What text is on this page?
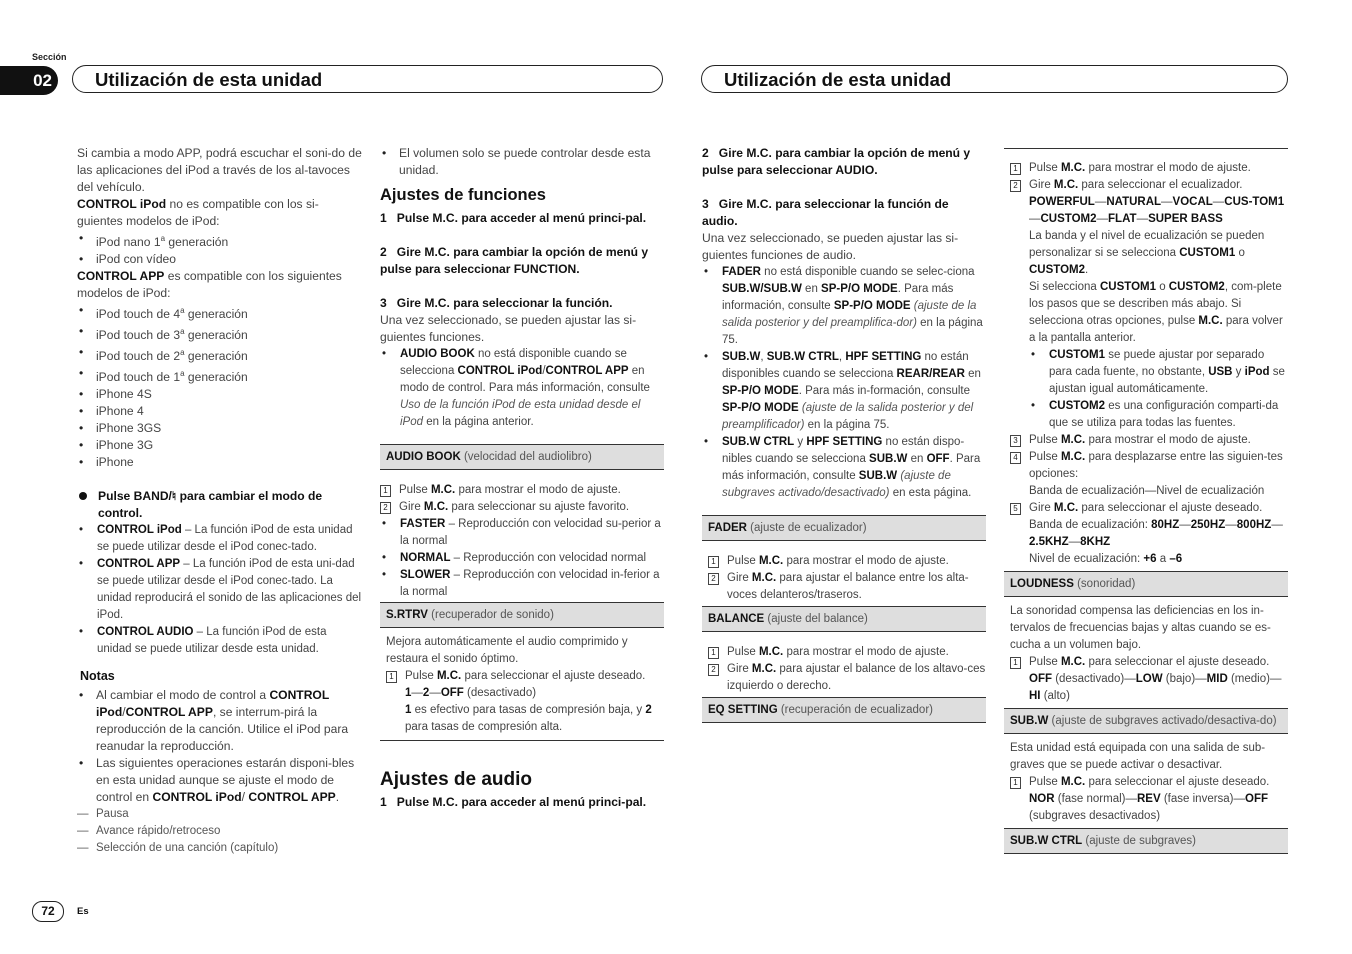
Sección
02	Utilización de esta unidad	Utilización de esta unidad

Si cambia a modo APP, podrá escuchar el soni-do de las aplicaciones del iPod a través de los al-tavoces del vehículo.

CONTROL iPod no es compatible con los si-guientes modelos de iPod:

• iPod nano 1$^a$ generación
• iPod con vídeo

CONTROL APP es compatible con los siguientes modelos de iPod:

• iPod touch de 4$^a$ generación
• iPod touch de 3$^a$ generación
• iPod touch de 2$^a$ generación
• iPod touch de 1$^a$ generación
• iPhone 4S
• iPhone 4
• iPhone 3GS
• iPhone 3G
• iPhone
Pulse BAND/♮ para cambiar el modo de control.
• CONTROL iPod – La función iPod de esta unidad se puede utilizar desde el iPod conec-tado.
• CONTROL APP – La función iPod de esta uni-dad se puede utilizar desde el iPod conec-tado. La unidad reproducirá el sonido de las aplicaciones del iPod.
• CONTROL AUDIO – La función iPod de esta unidad se puede utilizar desde esta unidad.
Notas
• Al cambiar el modo de control a CONTROL iPod/CONTROL APP, se interrum-pirá la reproducción de la canción. Utilice el iPod para reanudar la reproducción.
• Las siguientes operaciones estarán disponi-bles en esta unidad aunque se ajuste el modo de control en CONTROL iPod/ CONTROL APP.
— Pausa
— Avance rápido/retroceso
— Selección de una canción (capítulo)
• El volumen solo se puede controlar desde esta unidad.

Ajustes de funciones

1   Pulse M.C. para acceder al menú princi-pal.

2   Gire M.C. para cambiar la opción de menú y pulse para seleccionar FUNCTION.

3   Gire M.C. para seleccionar la función.

Una vez seleccionado, se pueden ajustar las si-guientes funciones.

• AUDIO BOOK no está disponible cuando se selecciona CONTROL iPod/CONTROL APP en modo de control. Para más información, consulte Uso de la función iPod de esta unidad desde el iPod en la página anterior.
AUDIO BOOK (velocidad del audiolibro)
1 Pulse M.C. para mostrar el modo de ajuste.
2 Gire M.C. para seleccionar su ajuste favorito.
• FASTER – Reproducción con velocidad su-perior a la normal
• NORMAL – Reproducción con velocidad normal
• SLOWER – Reproducción con velocidad in-ferior a la normal
S.RTRV (recuperador de sonido)
Mejora automáticamente el audio comprimido y restaura el sonido óptimo.
1 Pulse M.C. para seleccionar el ajuste deseado.
1—2—OFF (desactivado)
1 es efectivo para tasas de compresión baja, y 2 para tasas de compresión alta.

Ajustes de audio

1   Pulse M.C. para acceder al menú princi-pal.

2   Gire M.C. para cambiar la opción de menú y pulse para seleccionar AUDIO.

3   Gire M.C. para seleccionar la función de audio.

Una vez seleccionado, se pueden ajustar las si-guientes funciones de audio.

• FADER no está disponible cuando se selec-ciona SUB.W/SUB.W en SP-P/O MODE. Para más información, consulte SP-P/O MODE (ajuste de la salida posterior y del preamplifica-dor) en la página 75.
• SUB.W, SUB.W CTRL, HPF SETTING no están disponibles cuando se selecciona REAR/REAR en SP-P/O MODE. Para más in-formación, consulte SP-P/O MODE (ajuste de la salida posterior y del preamplificador) en la página 75.
• SUB.W CTRL y HPF SETTING no están dispo-nibles cuando se selecciona SUB.W en OFF. Para más información, consulte SUB.W (ajuste de subgraves activado/desactivado) en esta página.
FADER (ajuste de ecualizador)
1 Pulse M.C. para mostrar el modo de ajuste.
2 Gire M.C. para ajustar el balance entre los alta-voces delanteros/traseros.
BALANCE (ajuste del balance)
1 Pulse M.C. para mostrar el modo de ajuste.
2 Gire M.C. para ajustar el balance de los altavo-ces izquierdo o derecho.
EQ SETTING (recuperación de ecualizador)
1 Pulse M.C. para mostrar el modo de ajuste.
2 Gire M.C. para seleccionar el ecualizador.
POWERFUL—NATURAL—VOCAL—CUS-TOM1—CUSTOM2—FLAT—SUPER BASS
La banda y el nivel de ecualización se pueden personalizar si se selecciona CUSTOM1 o CUSTOM2.
Si selecciona CUSTOM1 o CUSTOM2, com-plete los pasos que se describen más abajo. Si selecciona otras opciones, pulse M.C. para volver a la pantalla anterior.
• CUSTOM1 se puede ajustar por separado para cada fuente, no obstante, USB y iPod se ajustan igual automáticamente.
• CUSTOM2 es una configuración comparti-da que se utiliza para todas las fuentes.
3 Pulse M.C. para mostrar el modo de ajuste.
4 Pulse M.C. para desplazarse entre las siguien-tes opciones:
Banda de ecualización—Nivel de ecualización
5 Gire M.C. para seleccionar el ajuste deseado.
Banda de ecualización: 80HZ—250HZ—800HZ—2.5KHZ—8KHZ
Nivel de ecualización: +6 a –6
LOUDNESS (sonoridad)
La sonoridad compensa las deficiencias en los in-tervalos de frecuencias bajas y altas cuando se es-cucha a un volumen bajo.
1 Pulse M.C. para seleccionar el ajuste deseado.
OFF (desactivado)—LOW (bajo)—MID (medio)—HI (alto)
SUB.W (ajuste de subgraves activado/desactiva-do)
Esta unidad está equipada con una salida de sub-graves que se puede activar o desactivar.
1 Pulse M.C. para seleccionar el ajuste deseado.
NOR (fase normal)—REV (fase inversa)—OFF (subgraves desactivados)
SUB.W CTRL (ajuste de subgraves)
72	Es
